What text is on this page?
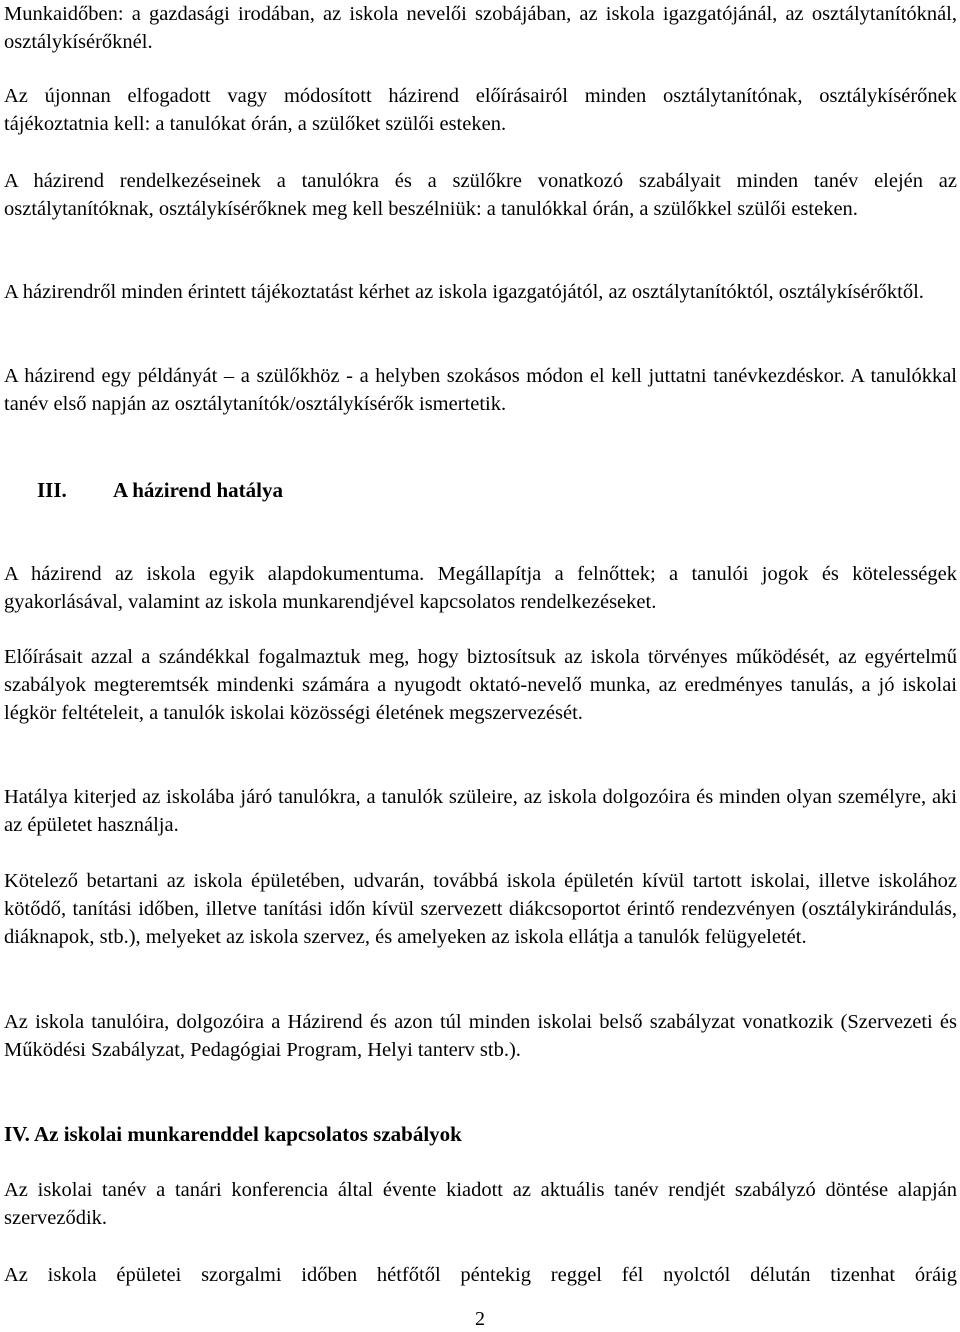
Munkaidőben: a gazdasági irodában, az iskola nevelői szobájában, az iskola igazgatójánál, az osztálytanítóknál, osztálykísérőknél.

Az újonnan elfogadott vagy módosított házirend előírásairól minden osztálytanítónak, osztálykísérőnek tájékoztatnia kell: a tanulókat órán, a szülőket szülői esteken.

A házirend rendelkezéseinek a tanulókra és a szülőkre vonatkozó szabályait minden tanév elején az osztálytanítóknak, osztálykísérőknek meg kell beszélniük: a tanulókkal órán, a szülőkkel szülői esteken.

A házirendről minden érintett tájékoztatást kérhet az iskola igazgatójától, az osztálytanítóktól, osztálykísérőktől.

A házirend egy példányát – a szülőkhöz - a helyben szokásos módon el kell juttatni tanévkezdéskor. A tanulókkal tanév első napján az osztálytanítók/osztálykísérők ismertetik.

III. A házirend hatálya

A házirend az iskola egyik alapdokumentuma. Megállapítja a felnőttek; a tanulói jogok és kötelességek gyakorlásával, valamint az iskola munkarendjével kapcsolatos rendelkezéseket.

Előírásait azzal a szándékkal fogalmaztuk meg, hogy biztosítsuk az iskola törvényes működését, az egyértelmű szabályok megteremtsék mindenki számára a nyugodt oktató-nevelő munka, az eredményes tanulás, a jó iskolai légkör feltételeit, a tanulók iskolai közösségi életének megszervezését.

Hatálya kiterjed az iskolába járó tanulókra, a tanulók szüleire, az iskola dolgozóira és minden olyan személyre, aki az épületet használja.

Kötelező betartani az iskola épületében, udvarán, továbbá iskola épületén kívül tartott iskolai, illetve iskolához kötődő, tanítási időben, illetve tanítási időn kívül szervezett diákcsoportot érintő rendezvényen (osztálykirándulás, diáknapok, stb.), melyeket az iskola szervez, és amelyeken az iskola ellátja a tanulók felügyeletét.

Az iskola tanulóira, dolgozóira a Házirend és azon túl minden iskolai belső szabályzat vonatkozik (Szervezeti és Működési Szabályzat, Pedagógiai Program, Helyi tanterv stb.).

IV. Az iskolai munkarenddel kapcsolatos szabályok

Az iskolai tanév a tanári konferencia által évente kiadott az aktuális tanév rendjét szabályzó döntése alapján szerveződik.

Az iskola épületei szorgalmi időben hétfőtől péntekig reggel fél nyolctól délután tizenhat óráig

2
